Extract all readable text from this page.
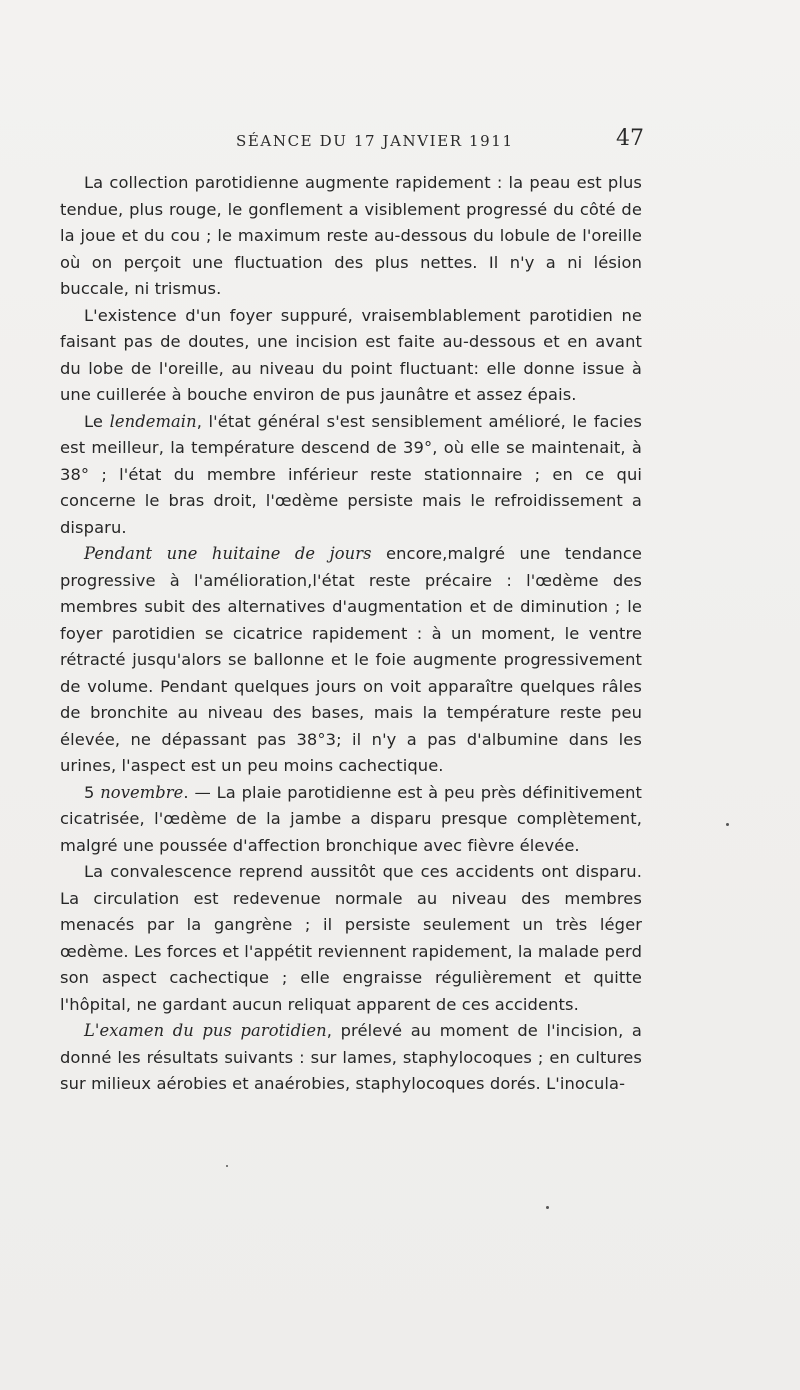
SÉANCE DU 17 JANVIER 1911	47

La collection parotidienne augmente rapidement : la peau est plus tendue, plus rouge, le gonflement a visiblement progressé du côté de la joue et du cou ; le maximum reste au-dessous du lobule de l'oreille où on perçoit une fluctuation des plus nettes. Il n'y a ni lésion buccale, ni trismus.

L'existence d'un foyer suppuré, vraisemblablement parotidien ne faisant pas de doutes, une incision est faite au-dessous et en avant du lobe de l'oreille, au niveau du point fluctuant: elle donne issue à une cuillerée à bouche environ de pus jaunâtre et assez épais.

Le lendemain, l'état général s'est sensiblement amélioré, le facies est meilleur, la température descend de 39°, où elle se maintenait, à 38° ; l'état du membre inférieur reste stationnaire ; en ce qui concerne le bras droit, l'œdème persiste mais le refroidissement a disparu.

Pendant une huitaine de jours encore,malgré une tendance progressive à l'amélioration,l'état reste précaire : l'œdème des membres subit des alternatives d'augmentation et de diminution ; le foyer parotidien se cicatrice rapidement : à un moment, le ventre rétracté jusqu'alors se ballonne et le foie augmente progressivement de volume. Pendant quelques jours on voit apparaître quelques râles de bronchite au niveau des bases, mais la température reste peu élevée, ne dépassant pas 38°3; il n'y a pas d'albumine dans les urines, l'aspect est un peu moins cachectique.

5 novembre. — La plaie parotidienne est à peu près définitivement cicatrisée, l'œdème de la jambe a disparu presque complètement, malgré une poussée d'affection bronchique avec fièvre élevée.

La convalescence reprend aussitôt que ces accidents ont disparu. La circulation est redevenue normale au niveau des membres menacés par la gangrène ; il persiste seulement un très léger œdème. Les forces et l'appétit reviennent rapidement, la malade perd son aspect cachectique ; elle engraisse régulièrement et quitte l'hôpital, ne gardant aucun reliquat apparent de ces accidents.

L'examen du pus parotidien, prélevé au moment de l'incision, a donné les résultats suivants : sur lames, staphylocoques ; en cultures sur milieux aérobies et anaérobies, staphylocoques dorés. L'inocula-
